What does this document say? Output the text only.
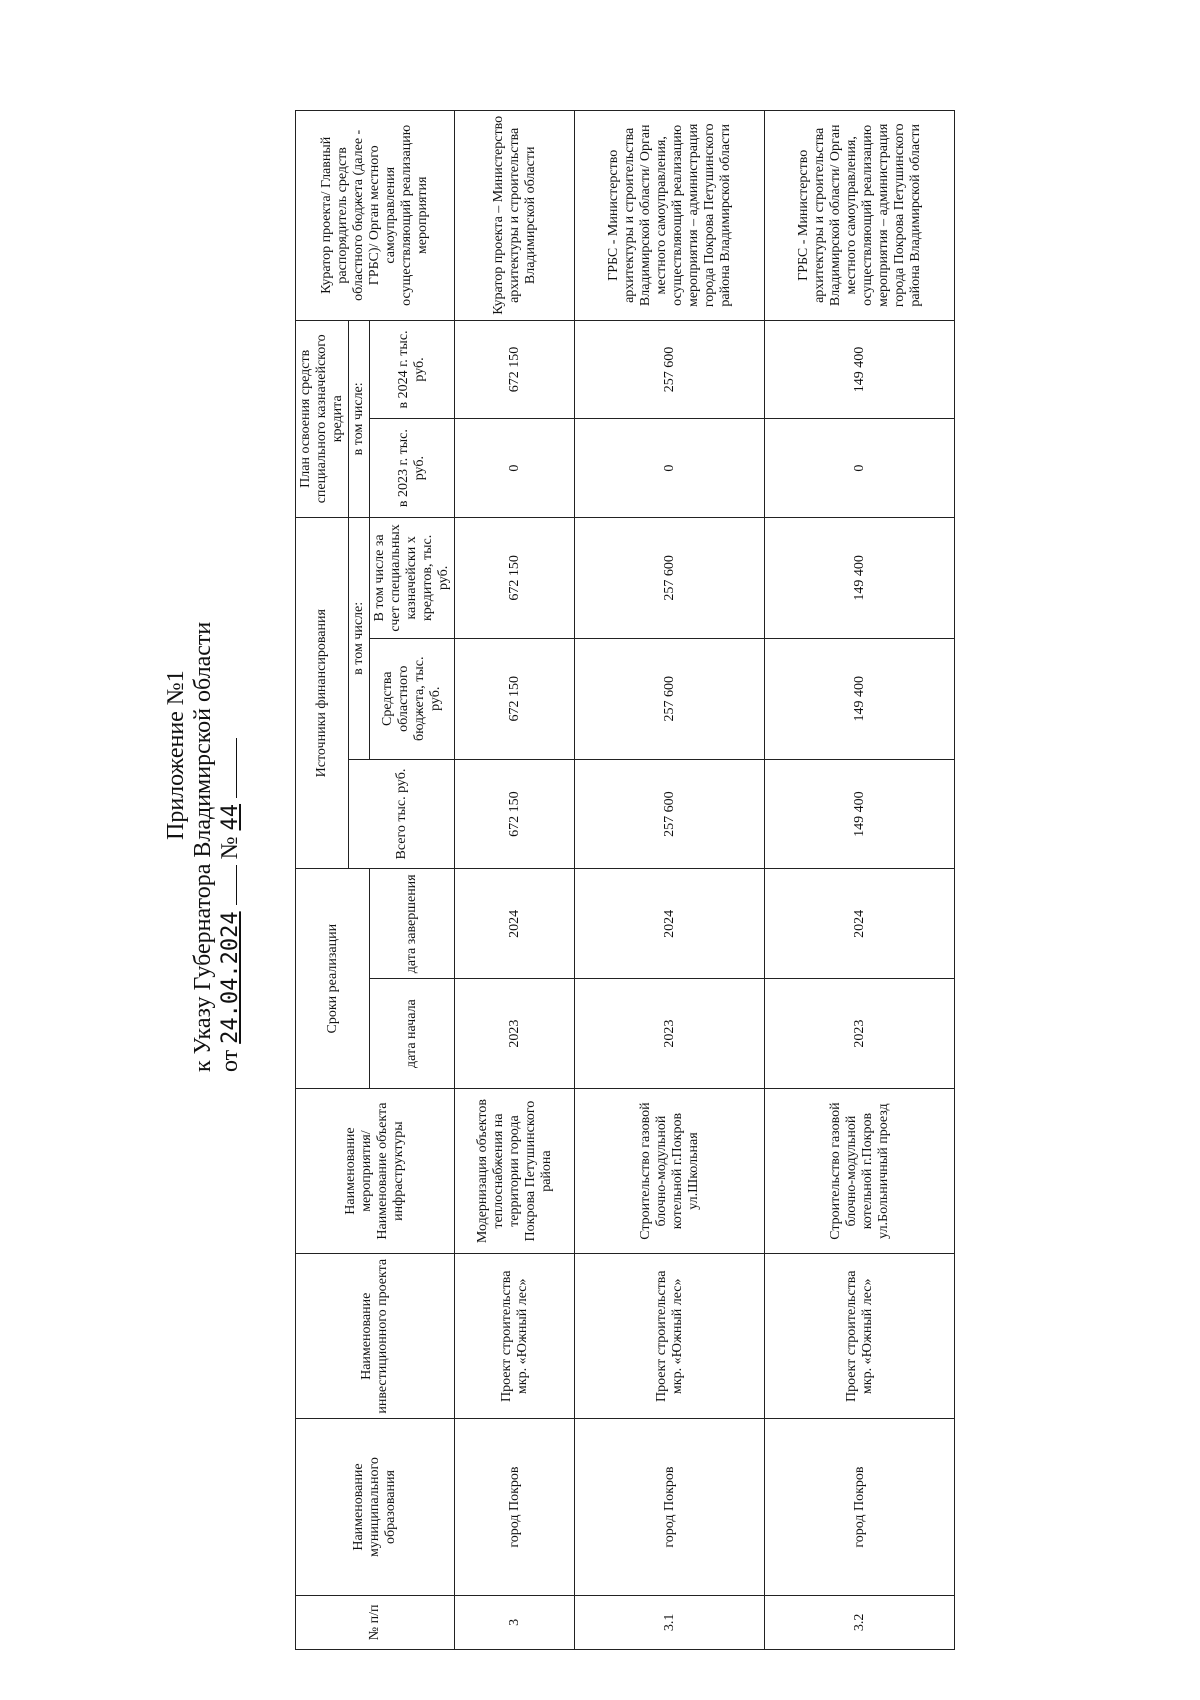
Приложение №1 к Указу Губернатора Владимирской области от 24.04.2024  № 44
№ п/п	Наименование муниципального образования	Наименование инвестиционного проекта	Наименование мероприятия/ Наименование объекта инфраструктуры	Сроки реализации		Источники финансирования			План освоения средств специального казначейского кредита		Куратор проекта/ Главный распорядитель средств областного бюджета (далее - ГРБС)/ Орган местного самоуправления осуществляющий реализацию мероприятия
						Всего тыс. руб.	в том числе:		в том числе:		
				дата начала	дата завершения		Средства областного бюджета, тыс. руб.	В том числе за счет специальных казначейски х кредитов, тыс. руб.	в 2023 г. тыс. руб.	в 2024 г. тыс. руб.	
3	город Покров	Проект строительства мкр. «Южный лес»	Модернизация объектов теплоснабжения на территории города Покрова Петушинского района	2023	2024	672 150	672 150	672 150	0	672 150	Куратор проекта – Министерство архитектуры и строительства Владимирской области
3.1	город Покров	Проект строительства мкр. «Южный лес»	Строительство газовой блочно-модульной котельной г.Покров ул.Школьная	2023	2024	257 600	257 600	257 600	0	257 600	ГРБС - Министерство архитектуры и строительства Владимирской области/ Орган местного самоуправления, осуществляющий реализацию мероприятия – администрация города Покрова Петушинского района Владимирской области
3.2	город Покров	Проект строительства мкр. «Южный лес»	Строительство газовой блочно-модульной котельной г.Покров ул.Больничный проезд	2023	2024	149 400	149 400	149 400	0	149 400	ГРБС - Министерство архитектуры и строительства Владимирской области/ Орган местного самоуправления, осуществляющий реализацию мероприятия – администрация города Покрова Петушинского района Владимирской области
